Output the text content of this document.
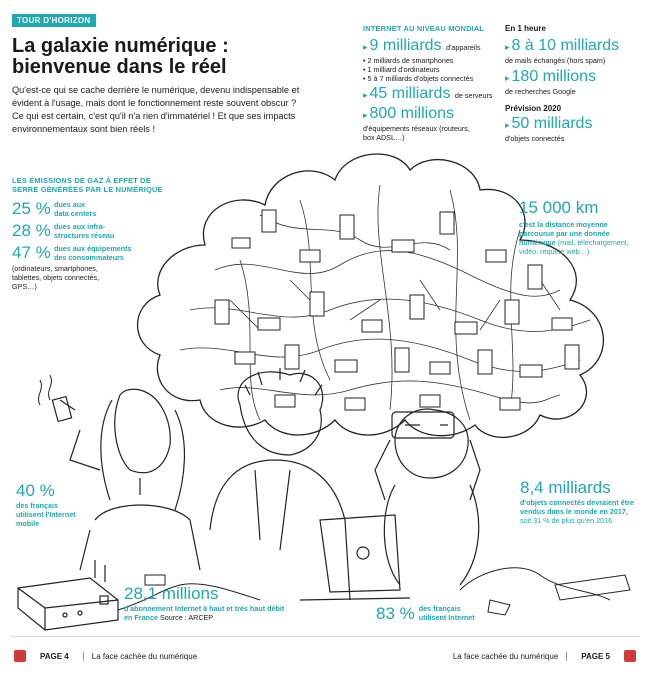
TOUR D'HORIZON
La galaxie numérique :
bienvenue dans le réel
Qu'est-ce qui se cache derrière le numérique, devenu indispensable et évident à l'usage, mais dont le fonctionnement reste souvent obscur ? Ce qui est certain, c'est qu'il n'a rien d'immatériel ! Et que ses impacts environnementaux sont bien réels !
INTERNET AU NIVEAU MONDIAL
▸ 9 milliards d'appareils
• 2 milliards de smartphones
• 1 milliard d'ordinateurs
• 5 à 7 milliards d'objets connectés
▸ 45 milliards de serveurs
▸ 800 millions
d'équipements réseaux (routeurs, box ADSL…)
En 1 heure
▸ 8 à 10 milliards
de mails échangés (hors spam)
▸ 180 millions
de recherches Google
Prévision 2020
▸ 50 milliards
d'objets connectés
LES ÉMISSIONS DE GAZ À EFFET DE
SERRE GÉNÉRÉES PAR LE NUMÉRIQUE
25 % dues aux
data centers
28 % dues aux infra-
structures réseau
47 % dues aux équipements
des consommateurs
(ordinateurs, smartphones, tablettes, objets connectés, GPS…)
15 000 km
c'est la distance moyenne parcourue par une donnée numérique (mail, téléchargement, vidéo, requête web…)
40 %
des français utilisent l'Internet mobile
8,4 milliards
d'objets connectés devraient être vendus dans le monde en 2017, soit 31 % de plus qu'en 2016
28,1 millions
d'abonnement Internet à haut et très haut débit en France Source : ARCEP	83 % des français utilisent Internet
PAGE 4	La face cachée du numérique	La face cachée du numérique	PAGE 5
